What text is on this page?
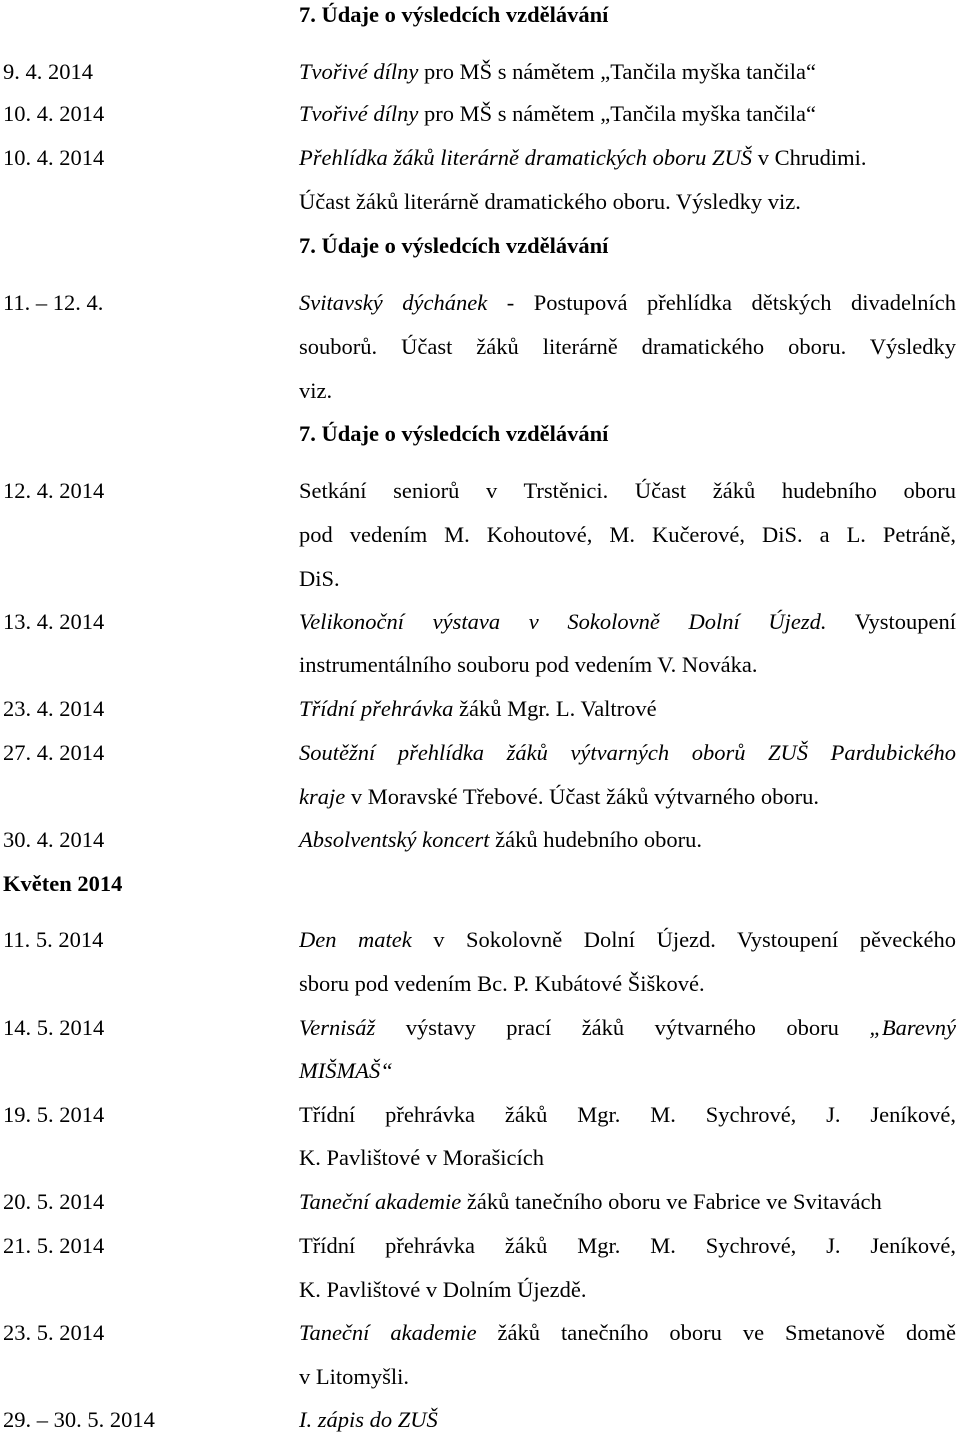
7. Údaje o výsledcích vzdělávání
9. 4. 2014	Tvořivé dílny pro MŠ s námětem „Tančila myška tančila“
10. 4. 2014	Tvořivé dílny pro MŠ s námětem „Tančila myška tančila“
10. 4. 2014	Přehlídka žáků literárně dramatických oboru ZUŠ v Chrudimi.
Účast žáků literárně dramatického oboru. Výsledky viz.
7. Údaje o výsledcích vzdělávání
11. – 12. 4.	Svitavský dýchánek - Postupová přehlídka dětských divadelních
souborů. Účast žáků literárně dramatického oboru. Výsledky
viz.
7. Údaje o výsledcích vzdělávání
12. 4. 2014	Setkání seniorů v Trstěnici. Účast žáků hudebního oboru
pod vedením M. Kohoutové, M. Kučerové, DiS. a L. Petráně,
DiS.
13. 4. 2014	Velikonoční výstava v Sokolovně Dolní Újezd. Vystoupení
instrumentálního souboru pod vedením V. Nováka.
23. 4. 2014	Třídní přehrávka žáků Mgr. L. Valtrové
27. 4. 2014	Soutěžní přehlídka žáků výtvarných oborů ZUŠ Pardubického
kraje v Moravské Třebové. Účast žáků výtvarného oboru.
30. 4. 2014	Absolventský koncert žáků hudebního oboru.
Květen 2014
11. 5. 2014	Den matek v Sokolovně Dolní Újezd. Vystoupení pěveckého
sboru pod vedením Bc. P. Kubátové Šiškové.
14. 5. 2014	Vernisáž výstavy prací žáků výtvarného oboru „Barevný
MIŠMAŠ“
19. 5. 2014	Třídní přehrávka žáků Mgr. M. Sychrové, J. Jeníkové,
K. Pavlištové v Morašicích
20. 5. 2014	Taneční akademie žáků tanečního oboru ve Fabrice ve Svitavách
21. 5. 2014	Třídní přehrávka žáků Mgr. M. Sychrové, J. Jeníkové,
K. Pavlištové v Dolním Újezdě.
23. 5. 2014	Taneční akademie žáků tanečního oboru ve Smetanově domě
v Litomyšli.
29. – 30. 5. 2014	I. zápis do ZUŠ
